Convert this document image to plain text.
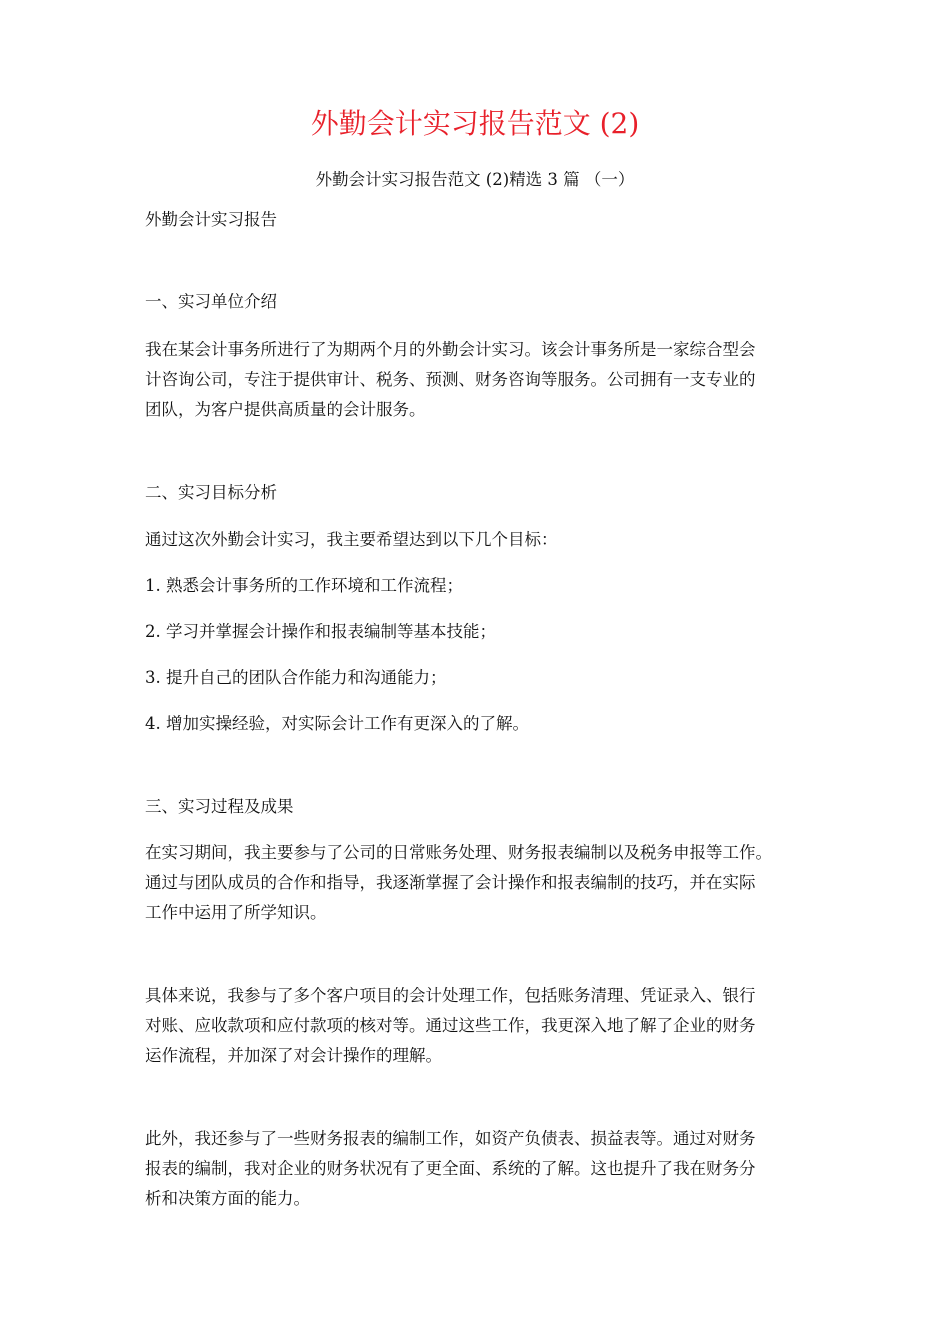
外勤会计实习报告范文 (2)
外勤会计实习报告范文 (2)精选 3 篇 （一）
外勤会计实习报告
一、实习单位介绍
我在某会计事务所进行了为期两个月的外勤会计实习。该会计事务所是一家综合型会
计咨询公司，专注于提供审计、税务、预测、财务咨询等服务。公司拥有一支专业的
团队，为客户提供高质量的会计服务。
二、实习目标分析
通过这次外勤会计实习，我主要希望达到以下几个目标：
1. 熟悉会计事务所的工作环境和工作流程；
2. 学习并掌握会计操作和报表编制等基本技能；
3. 提升自己的团队合作能力和沟通能力；
4. 增加实操经验，对实际会计工作有更深入的了解。
三、实习过程及成果
在实习期间，我主要参与了公司的日常账务处理、财务报表编制以及税务申报等工作。
通过与团队成员的合作和指导，我逐渐掌握了会计操作和报表编制的技巧，并在实际
工作中运用了所学知识。
具体来说，我参与了多个客户项目的会计处理工作，包括账务清理、凭证录入、银行
对账、应收款项和应付款项的核对等。通过这些工作，我更深入地了解了企业的财务
运作流程，并加深了对会计操作的理解。
此外，我还参与了一些财务报表的编制工作，如资产负债表、损益表等。通过对财务
报表的编制，我对企业的财务状况有了更全面、系统的了解。这也提升了我在财务分
析和决策方面的能力。
